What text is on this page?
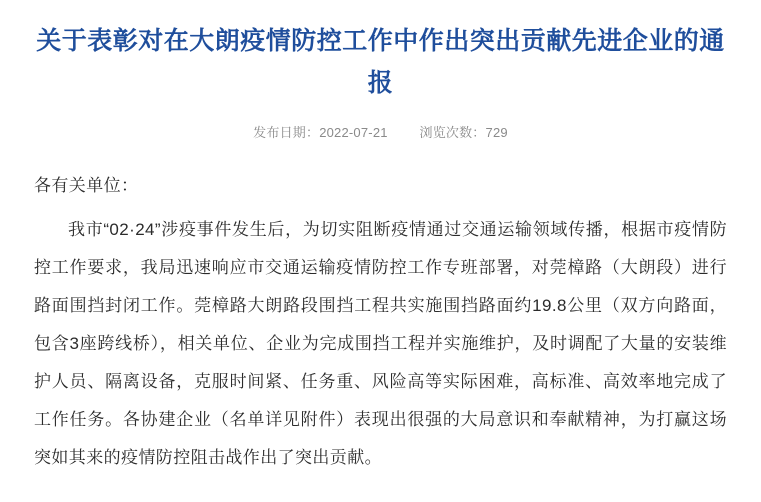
关于表彰对在大朗疫情防控工作中作出突出贡献先进企业的通报
发布日期：2022-07-21 浏览次数：729

各有关单位：

我市“02·24”涉疫事件发生后，为切实阻断疫情通过交通运输领域传播，根据市疫情防控工作要求，我局迅速响应市交通运输疫情防控工作专班部署，对莞樟路（大朗段）进行路面围挡封闭工作。莞樟路大朗路段围挡工程共实施围挡路面约19.8公里（双方向路面，包含3座跨线桥），相关单位、企业为完成围挡工程并实施维护，及时调配了大量的安装维护人员、隔离设备，克服时间紧、任务重、风险高等实际困难，高标准、高效率地完成了工作任务。各协建企业（名单详见附件）表现出很强的大局意识和奉献精神，为打赢这场突如其来的疫情防控阻击战作出了突出贡献。
